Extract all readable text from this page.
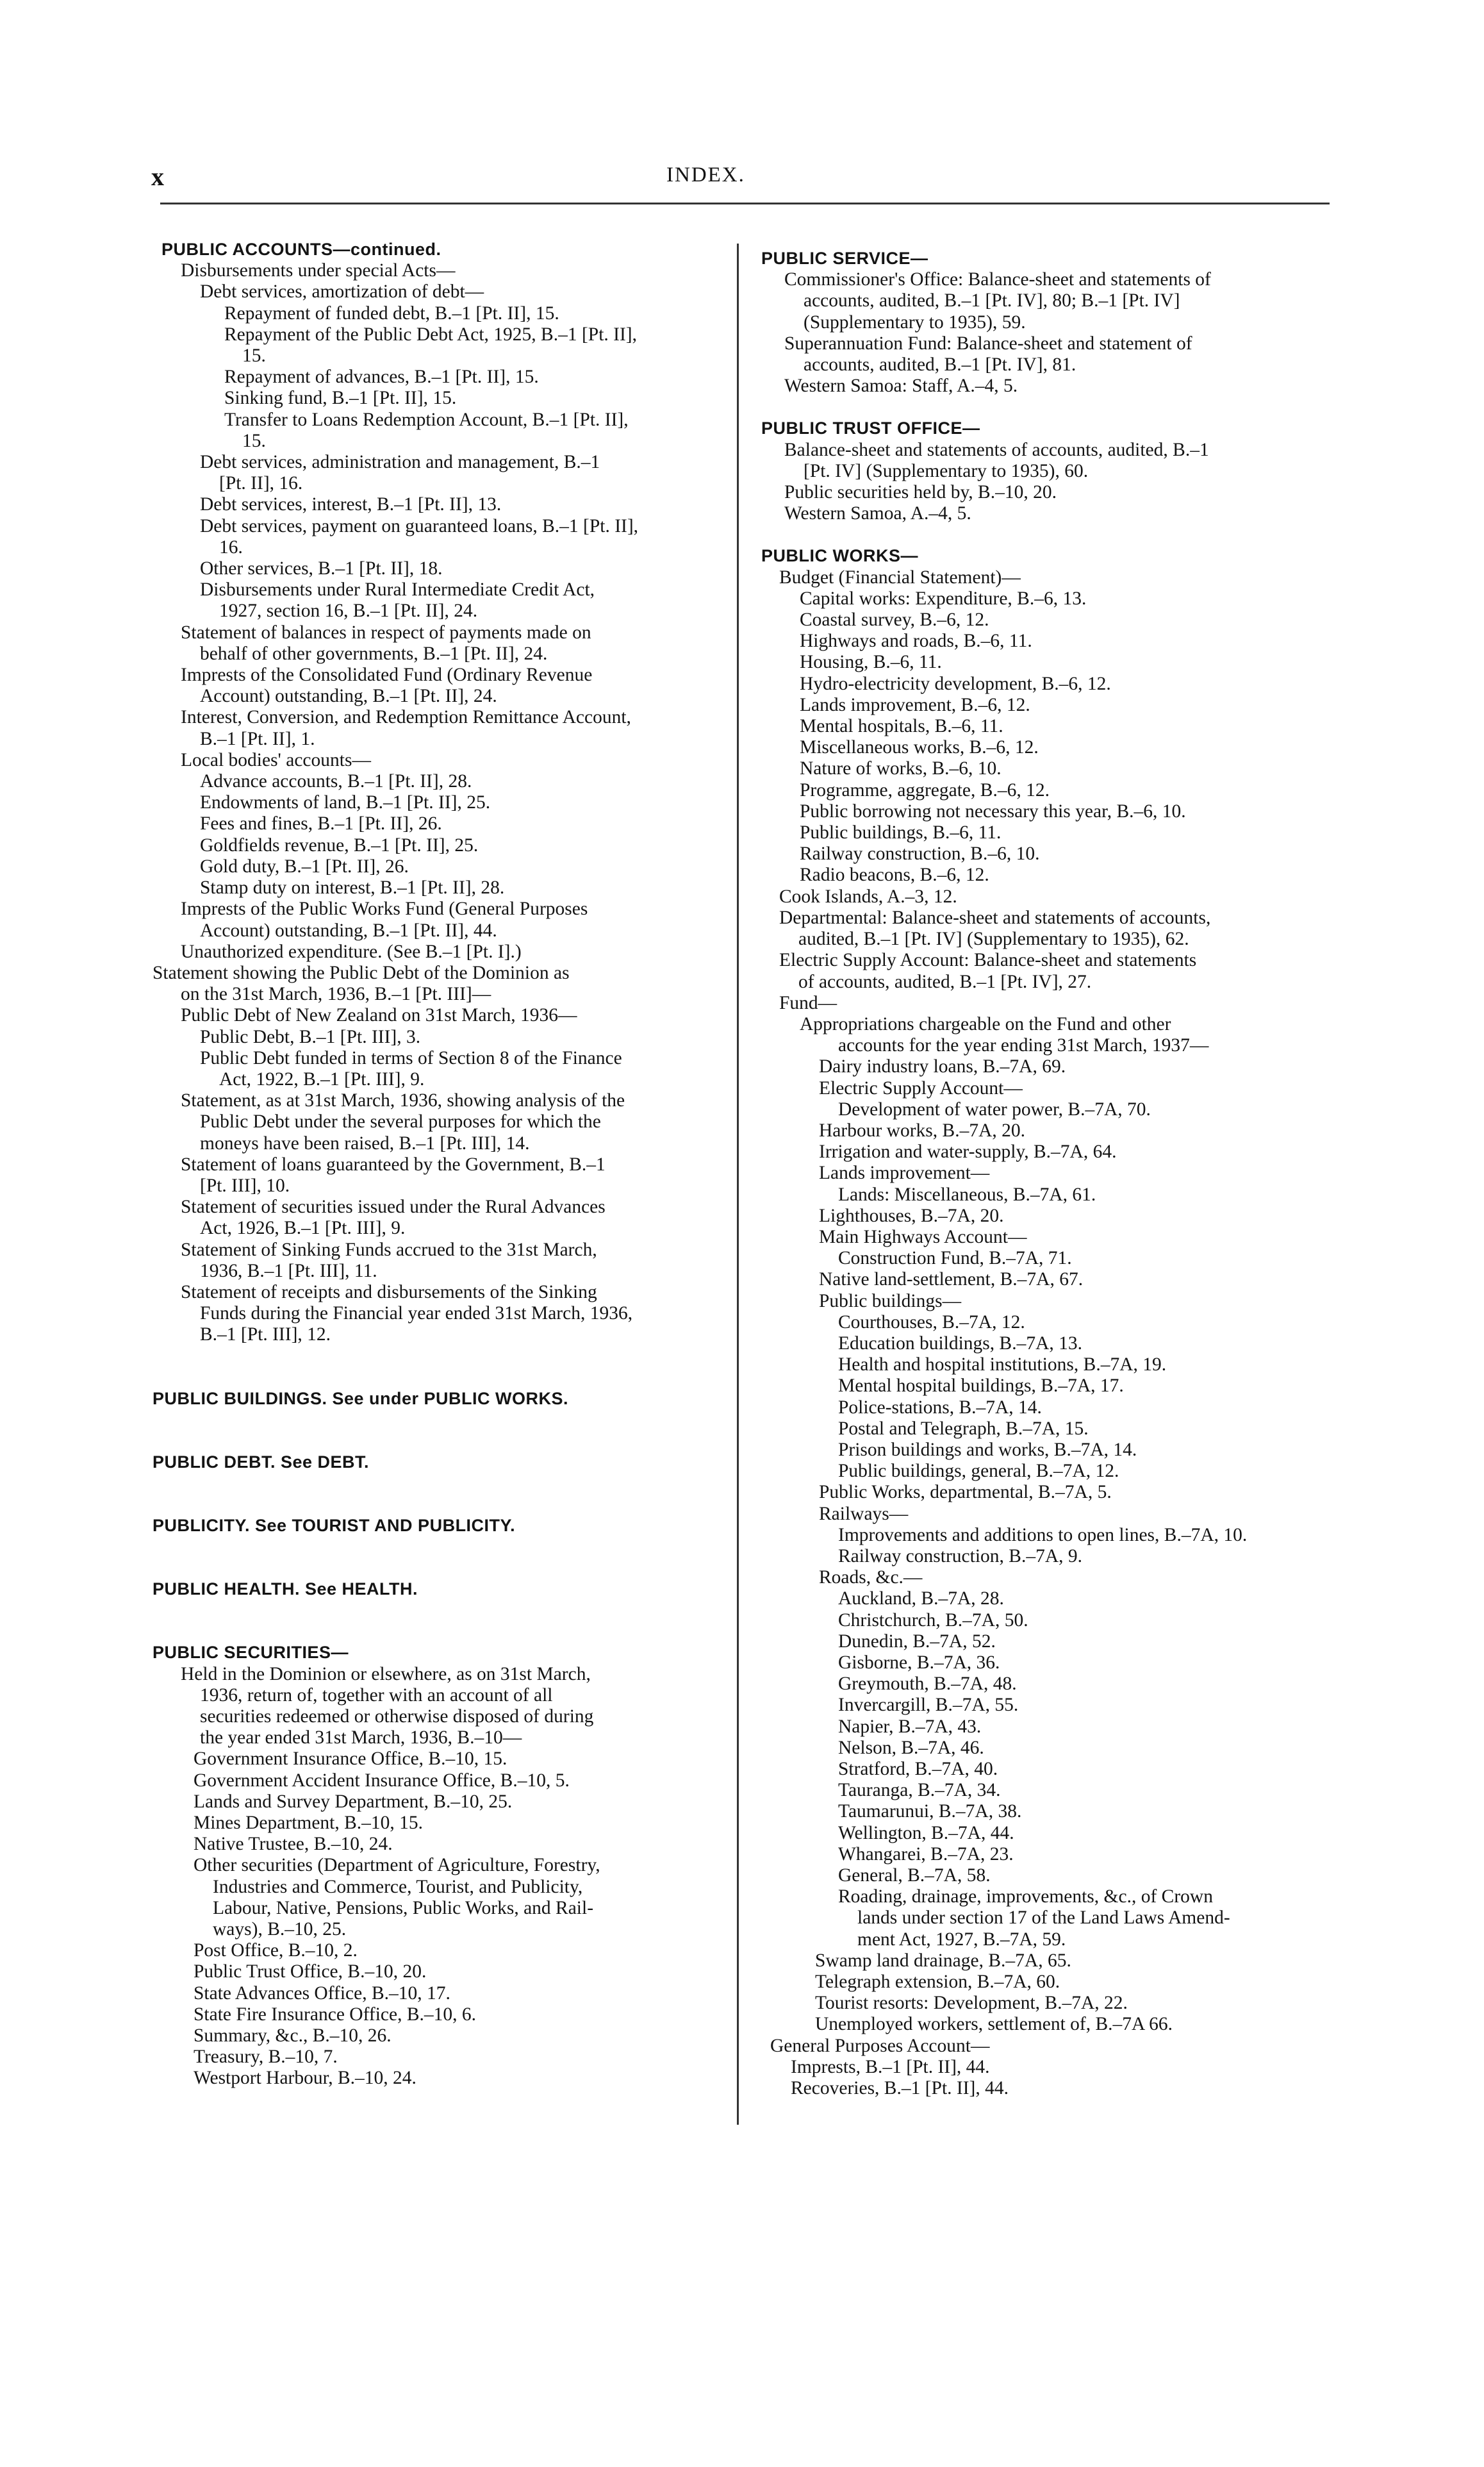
x	INDEX.
PUBLIC ACCOUNTS—continued.
Disbursements under special Acts—
Debt services, amortization of debt—
Repayment of funded debt, B.–1 [Pt. II], 15.
Repayment of the Public Debt Act, 1925, B.–1 [Pt. II],
15.
Repayment of advances, B.–1 [Pt. II], 15.
Sinking fund, B.–1 [Pt. II], 15.
Transfer to Loans Redemption Account, B.–1 [Pt. II],
15.
Debt services, administration and management, B.–1
[Pt. II], 16.
Debt services, interest, B.–1 [Pt. II], 13.
Debt services, payment on guaranteed loans, B.–1 [Pt. II],
16.
Other services, B.–1 [Pt. II], 18.
Disbursements under Rural Intermediate Credit Act,
1927, section 16, B.–1 [Pt. II], 24.
Statement of balances in respect of payments made on
behalf of other governments, B.–1 [Pt. II], 24.
Imprests of the Consolidated Fund (Ordinary Revenue
Account) outstanding, B.–1 [Pt. II], 24.
Interest, Conversion, and Redemption Remittance Account,
B.–1 [Pt. II], 1.
Local bodies' accounts—
Advance accounts, B.–1 [Pt. II], 28.
Endowments of land, B.–1 [Pt. II], 25.
Fees and fines, B.–1 [Pt. II], 26.
Goldfields revenue, B.–1 [Pt. II], 25.
Gold duty, B.–1 [Pt. II], 26.
Stamp duty on interest, B.–1 [Pt. II], 28.
Imprests of the Public Works Fund (General Purposes
Account) outstanding, B.–1 [Pt. II], 44.
Unauthorized expenditure. (See B.–1 [Pt. I].)
Statement showing the Public Debt of the Dominion as
on the 31st March, 1936, B.–1 [Pt. III]—
Public Debt of New Zealand on 31st March, 1936—
Public Debt, B.–1 [Pt. III], 3.
Public Debt funded in terms of Section 8 of the Finance
Act, 1922, B.–1 [Pt. III], 9.
Statement, as at 31st March, 1936, showing analysis of the
Public Debt under the several purposes for which the
moneys have been raised, B.–1 [Pt. III], 14.
Statement of loans guaranteed by the Government, B.–1
[Pt. III], 10.
Statement of securities issued under the Rural Advances
Act, 1926, B.–1 [Pt. III], 9.
Statement of Sinking Funds accrued to the 31st March,
1936, B.–1 [Pt. III], 11.
Statement of receipts and disbursements of the Sinking
Funds during the Financial year ended 31st March, 1936,
B.–1 [Pt. III], 12.
PUBLIC BUILDINGS. See under PUBLIC WORKS.
PUBLIC DEBT. See DEBT.
PUBLICITY. See TOURIST AND PUBLICITY.
PUBLIC HEALTH. See HEALTH.
PUBLIC SECURITIES—
Held in the Dominion or elsewhere, as on 31st March,
1936, return of, together with an account of all
securities redeemed or otherwise disposed of during
the year ended 31st March, 1936, B.–10—
Government Insurance Office, B.–10, 15.
Government Accident Insurance Office, B.–10, 5.
Lands and Survey Department, B.–10, 25.
Mines Department, B.–10, 15.
Native Trustee, B.–10, 24.
Other securities (Department of Agriculture, Forestry,
Industries and Commerce, Tourist, and Publicity,
Labour, Native, Pensions, Public Works, and Rail-
ways), B.–10, 25.
Post Office, B.–10, 2.
Public Trust Office, B.–10, 20.
State Advances Office, B.–10, 17.
State Fire Insurance Office, B.–10, 6.
Summary, &c., B.–10, 26.
Treasury, B.–10, 7.
Westport Harbour, B.–10, 24.
PUBLIC SERVICE—
Commissioner's Office: Balance-sheet and statements of
accounts, audited, B.–1 [Pt. IV], 80; B.–1 [Pt. IV]
(Supplementary to 1935), 59.
Superannuation Fund: Balance-sheet and statement of
accounts, audited, B.–1 [Pt. IV], 81.
Western Samoa: Staff, A.–4, 5.
PUBLIC TRUST OFFICE—
Balance-sheet and statements of accounts, audited, B.–1
[Pt. IV] (Supplementary to 1935), 60.
Public securities held by, B.–10, 20.
Western Samoa, A.–4, 5.
PUBLIC WORKS—
Budget (Financial Statement)—
Capital works: Expenditure, B.–6, 13.
Coastal survey, B.–6, 12.
Highways and roads, B.–6, 11.
Housing, B.–6, 11.
Hydro-electricity development, B.–6, 12.
Lands improvement, B.–6, 12.
Mental hospitals, B.–6, 11.
Miscellaneous works, B.–6, 12.
Nature of works, B.–6, 10.
Programme, aggregate, B.–6, 12.
Public borrowing not necessary this year, B.–6, 10.
Public buildings, B.–6, 11.
Railway construction, B.–6, 10.
Radio beacons, B.–6, 12.
Cook Islands, A.–3, 12.
Departmental: Balance-sheet and statements of accounts,
audited, B.–1 [Pt. IV] (Supplementary to 1935), 62.
Electric Supply Account: Balance-sheet and statements
of accounts, audited, B.–1 [Pt. IV], 27.
Fund—
Appropriations chargeable on the Fund and other
accounts for the year ending 31st March, 1937—
Dairy industry loans, B.–7A, 69.
Electric Supply Account—
Development of water power, B.–7A, 70.
Harbour works, B.–7A, 20.
Irrigation and water-supply, B.–7A, 64.
Lands improvement—
Lands: Miscellaneous, B.–7A, 61.
Lighthouses, B.–7A, 20.
Main Highways Account—
Construction Fund, B.–7A, 71.
Native land-settlement, B.–7A, 67.
Public buildings—
Courthouses, B.–7A, 12.
Education buildings, B.–7A, 13.
Health and hospital institutions, B.–7A, 19.
Mental hospital buildings, B.–7A, 17.
Police-stations, B.–7A, 14.
Postal and Telegraph, B.–7A, 15.
Prison buildings and works, B.–7A, 14.
Public buildings, general, B.–7A, 12.
Public Works, departmental, B.–7A, 5.
Railways—
Improvements and additions to open lines, B.–7A, 10.
Railway construction, B.–7A, 9.
Roads, &c.—
Auckland, B.–7A, 28.
Christchurch, B.–7A, 50.
Dunedin, B.–7A, 52.
Gisborne, B.–7A, 36.
Greymouth, B.–7A, 48.
Invercargill, B.–7A, 55.
Napier, B.–7A, 43.
Nelson, B.–7A, 46.
Stratford, B.–7A, 40.
Tauranga, B.–7A, 34.
Taumarunui, B.–7A, 38.
Wellington, B.–7A, 44.
Whangarei, B.–7A, 23.
General, B.–7A, 58.
Roading, drainage, improvements, &c., of Crown
lands under section 17 of the Land Laws Amend-
ment Act, 1927, B.–7A, 59.
Swamp land drainage, B.–7A, 65.
Telegraph extension, B.–7A, 60.
Tourist resorts: Development, B.–7A, 22.
Unemployed workers, settlement of, B.–7A 66.
General Purposes Account—
Imprests, B.–1 [Pt. II], 44.
Recoveries, B.–1 [Pt. II], 44.
